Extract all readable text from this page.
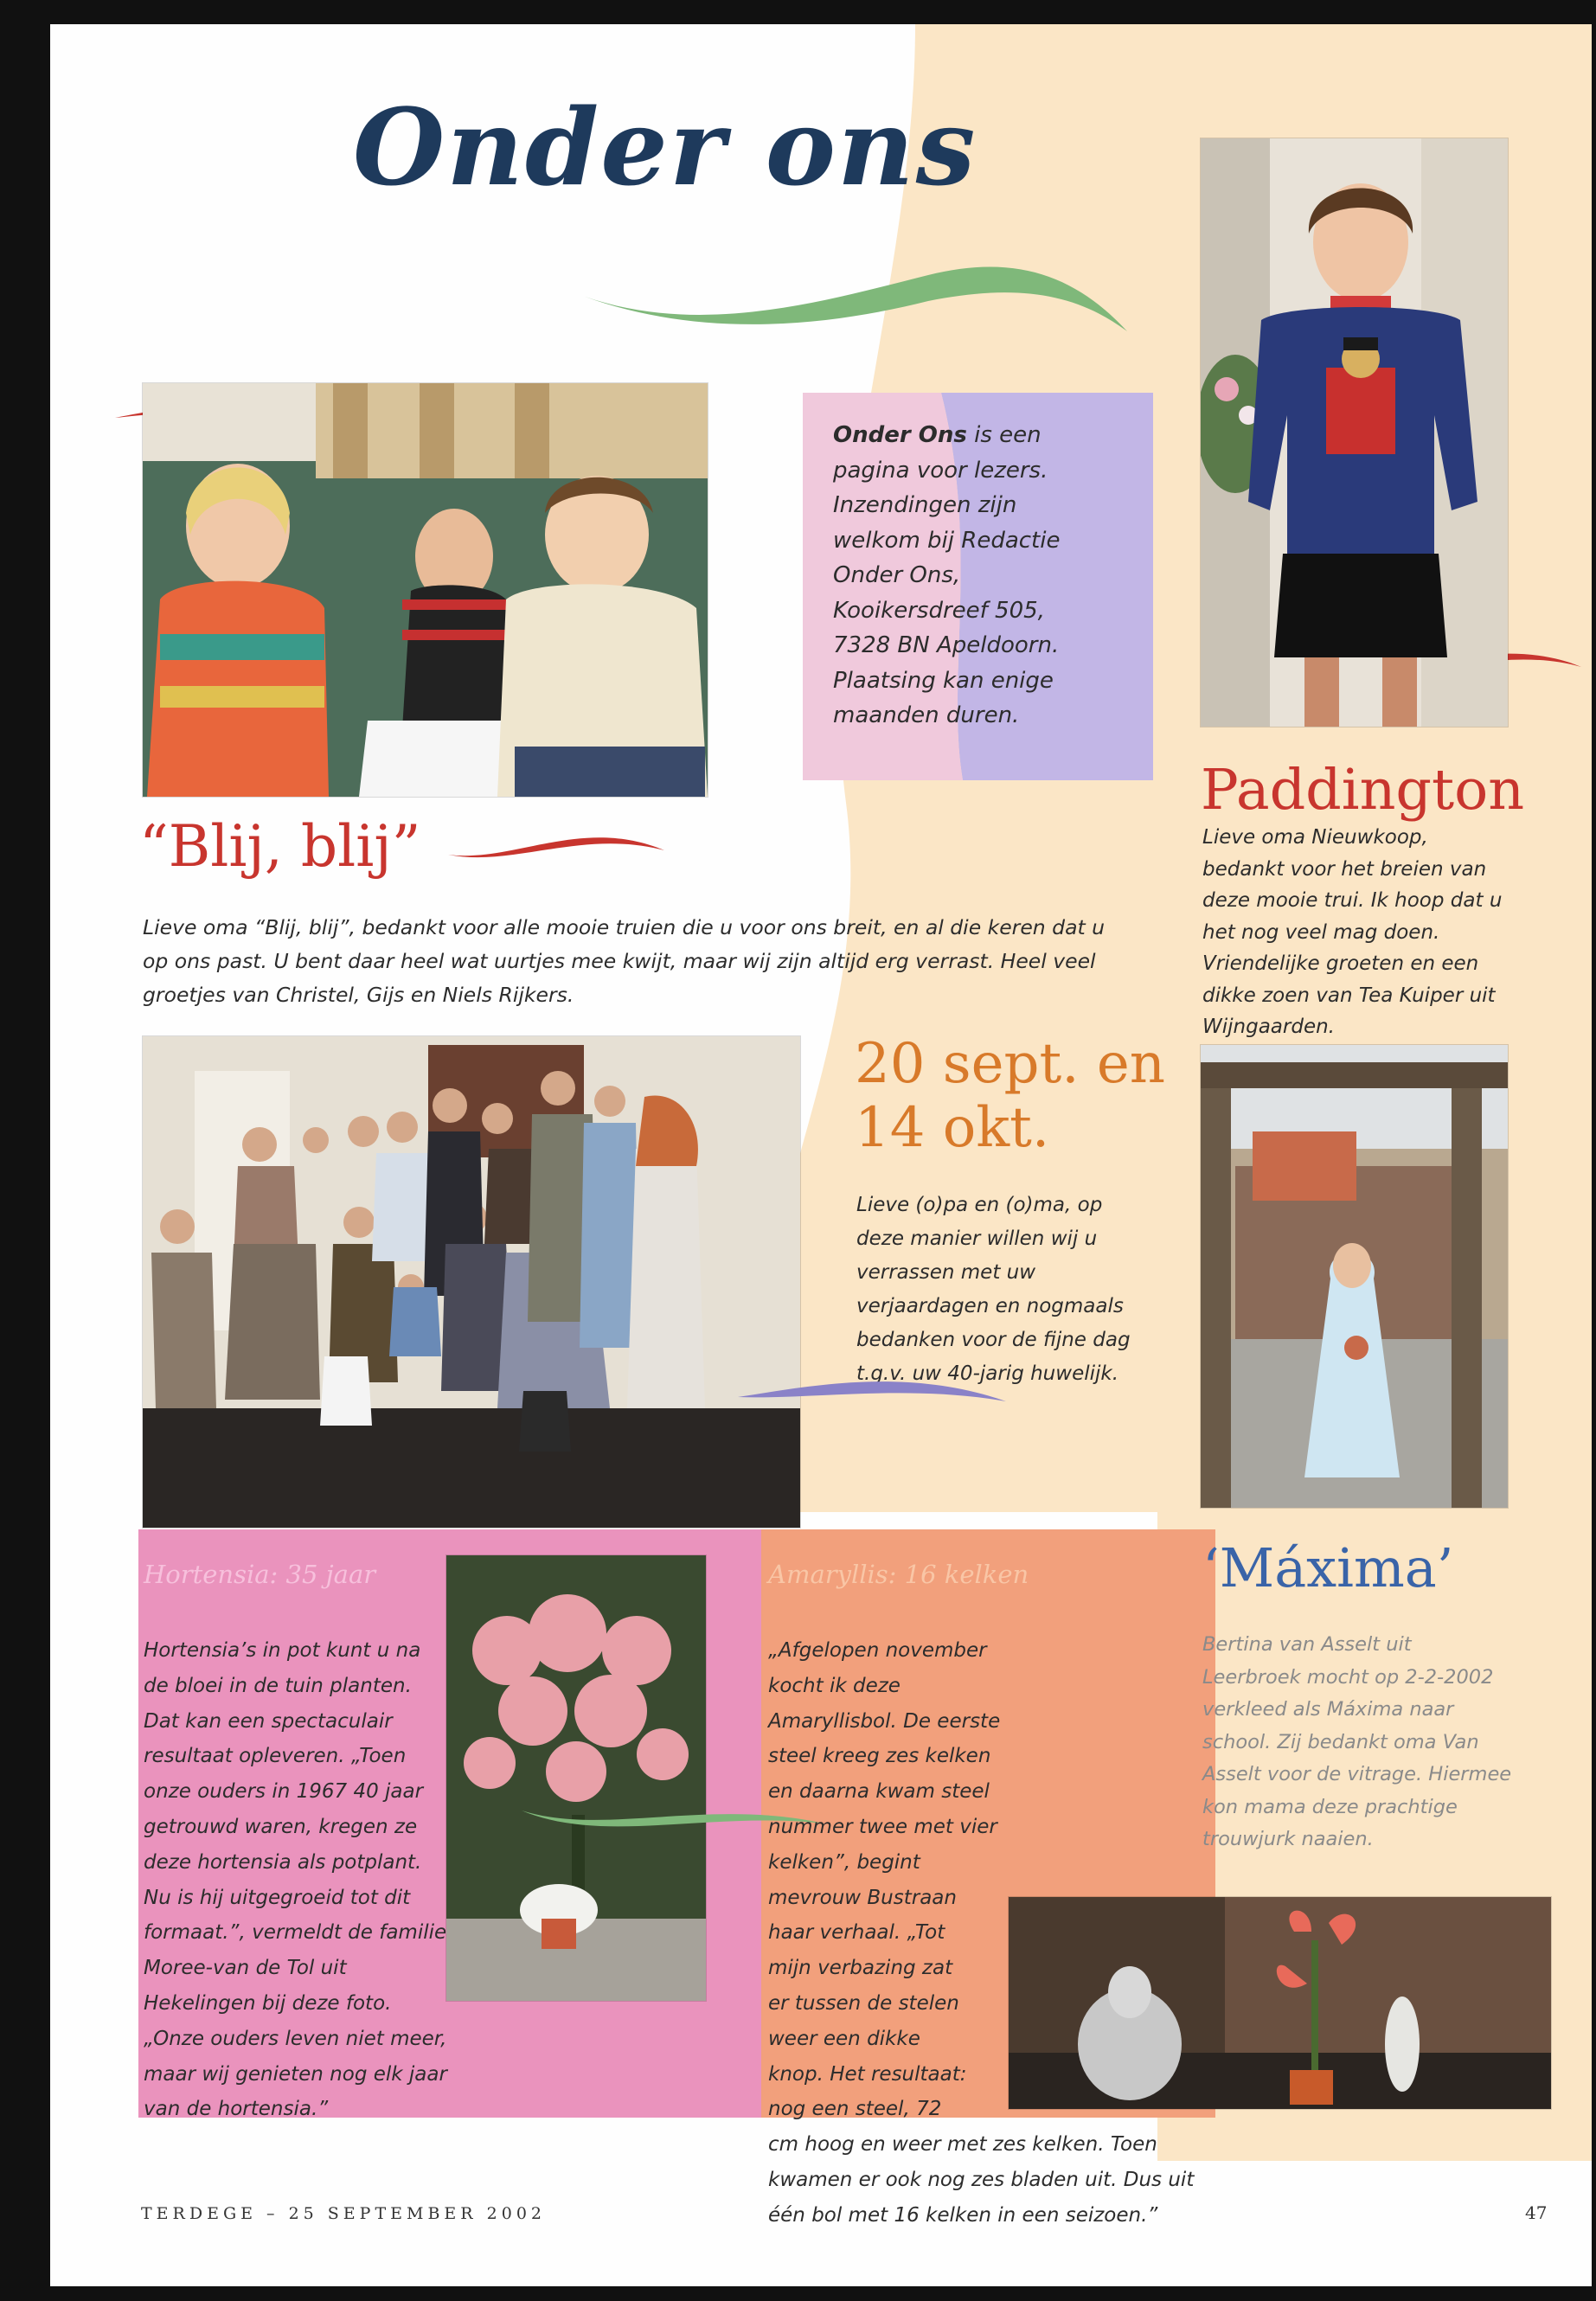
Onder ons
Onder Ons is een pagina voor lezers. Inzendingen zijn welkom bij Redactie Onder Ons, Kooikersdreef 505, 7328 BN Apeldoorn. Plaatsing kan enige maanden duren.
“Blij, blij”
Lieve oma “Blij, blij”, bedankt voor alle mooie truien die u voor ons breit, en al die keren dat u op ons past. U bent daar heel wat uurtjes mee kwijt, maar wij zijn altijd erg verrast. Heel veel groetjes van Christel, Gijs en Niels Rijkers.
Paddington
Lieve oma Nieuwkoop, bedankt voor het breien van deze mooie trui. Ik hoop dat u het nog veel mag doen. Vriendelijke groeten en een dikke zoen van Tea Kuiper uit Wijngaarden.
20 sept. en
14 okt.
Lieve (o)pa en (o)ma, op deze manier willen wij u verrassen met uw verjaardagen en nogmaals bedanken voor de fijne dag t.g.v. uw 40-jarig huwelijk.
Hortensia: 35 jaar	Amaryllis: 16 kelken
Hortensia’s in pot kunt u na de bloei in de tuin planten. Dat kan een spectaculair resultaat opleveren. „Toen onze ouders in 1967 40 jaar getrouwd waren, kregen ze deze hortensia als potplant. Nu is hij uitgegroeid tot dit formaat.”, vermeldt de familie Moree-van de Tol uit Hekelingen bij deze foto. „Onze ouders leven niet meer, maar wij genieten nog elk jaar van de hortensia.”
„Afgelopen november kocht ik deze Amaryllisbol. De eerste steel kreeg zes kelken en daarna kwam steel nummer twee met vier kelken”, begint mevrouw Bustraan haar verhaal. „Tot mijn verbazing zat er tussen de stelen weer een dikke knop. Het resultaat: nog een steel, 72 cm hoog en weer met zes kelken. Toen kwamen er ook nog zes bladen uit. Dus uit één bol met 16 kelken in een seizoen.”
‘Máxima’
Bertina van Asselt uit Leerbroek mocht op 2-2-2002 verkleed als Máxima naar school. Zij bedankt oma Van Asselt voor de vitrage. Hiermee kon mama deze prachtige trouwjurk naaien.
TERDEGE – 25 SEPTEMBER 2002	47
